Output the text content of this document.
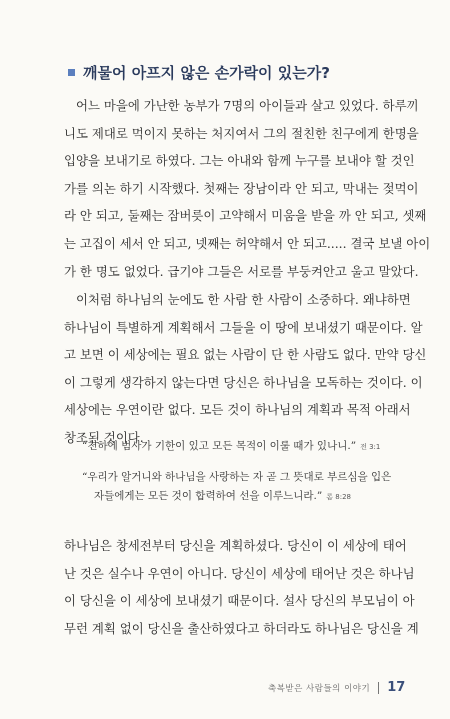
깨물어 아프지 않은 손가락이 있는가?
어느 마을에 가난한 농부가 7명의 아이들과 살고 있었다. 하루끼
니도 제대로 먹이지 못하는 처지여서 그의 절친한 친구에게 한명을
입양을 보내기로 하였다. 그는 아내와 함께 누구를 보내야 할 것인
가를 의논 하기 시작했다. 첫째는 장남이라 안 되고, 막내는 젖먹이
라 안 되고, 둘째는 잠버릇이 고약해서 미움을 받을 까 안 되고, 셋째
는 고집이 세서 안 되고, 넷째는 허약해서 안 되고..... 결국 보낼 아이
가 한 명도 없었다. 급기야 그들은 서로를 부둥켜안고 울고 말았다.
이처럼 하나님의 눈에도 한 사람 한 사람이 소중하다. 왜냐하면
하나님이 특별하게 계획해서 그들을 이 땅에 보내셨기 때문이다. 알
고 보면 이 세상에는 필요 없는 사람이 단 한 사람도 없다. 만약 당신
이 그렇게 생각하지 않는다면 당신은 하나님을 모독하는 것이다. 이
세상에는 우연이란 없다. 모든 것이 하나님의 계획과 목적 아래서
창조된 것이다.
“천하에 범사가 기한이 있고 모든 목적이 이룰 때가 있나니.” 전 3:1
“우리가 알거니와 하나님을 사랑하는 자 곧 그 뜻대로 부르심을 입은
자들에게는 모든 것이 합력하여 선을 이루느니라.” 롬 8:28
하나님은 창세전부터 당신을 계획하셨다. 당신이 이 세상에 태어
난 것은 실수나 우연이 아니다. 당신이 세상에 태어난 것은 하나님
이 당신을 이 세상에 보내셨기 때문이다. 설사 당신의 부모님이 아
무런 계획 없이 당신을 출산하였다고 하더라도 하나님은 당신을 계
축복받은 사람들의 이야기 17
